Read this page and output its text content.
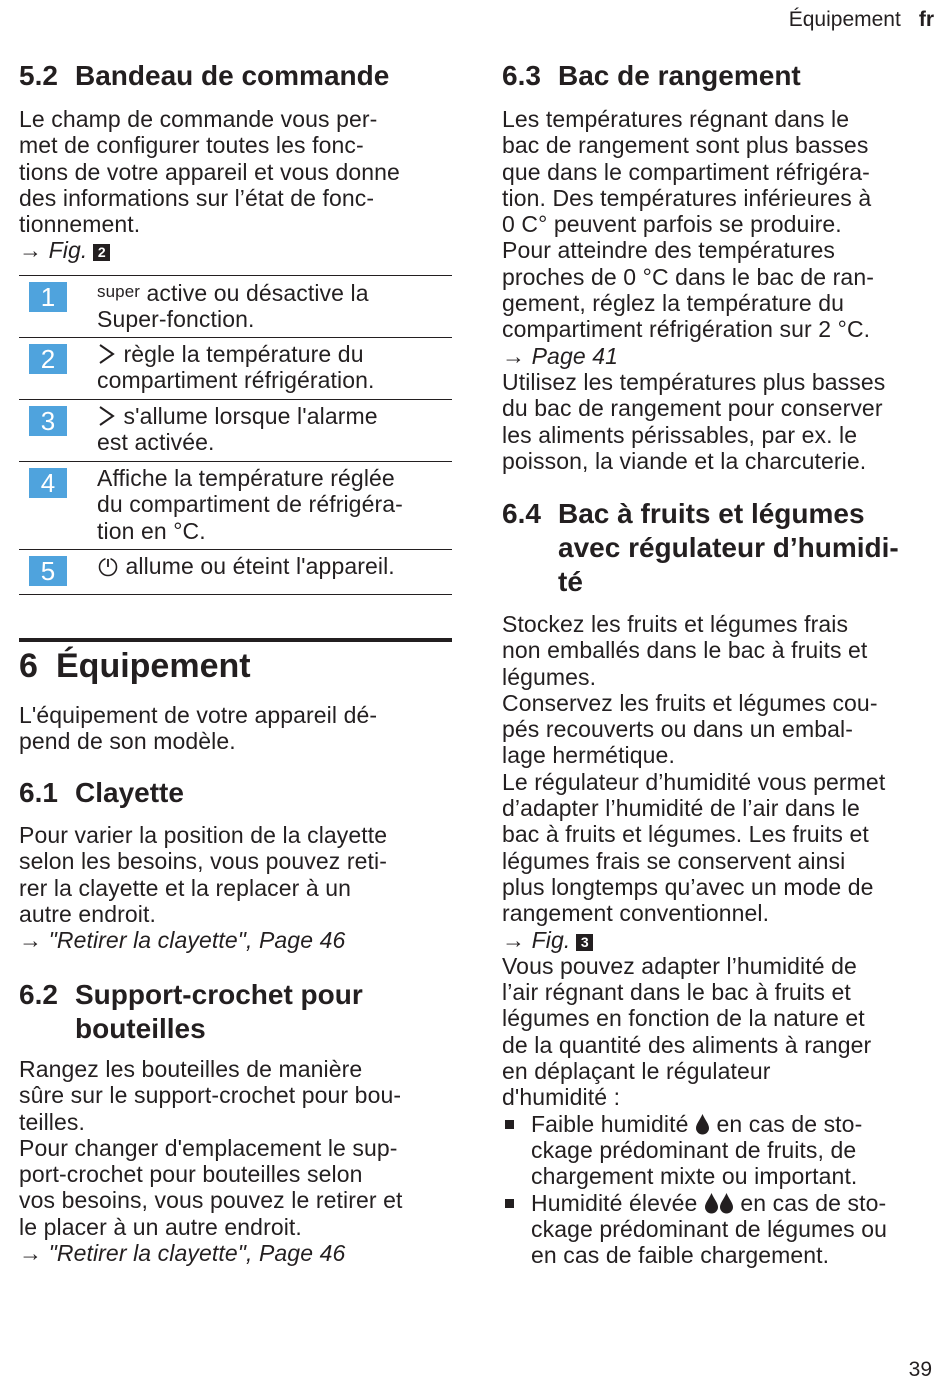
Équipement fr
5.2 Bandeau de commande

Le champ de commande vous per-

met de configurer toutes les fonc-

tions de votre appareil et vous donne

des informations sur l’état de fonc-

tionnement.

→ Fig. 2

1	super active ou désactive la

Super-fonction.

2	règle la température du

compartiment réfrigération.

3	s'allume lorsque l'alarme

est activée.

4	Affiche la température réglée

du compartiment de réfrigéra-

tion en °C.

5	allume ou éteint l'appareil.

6 Équipement

L'équipement de votre appareil dé-

pend de son modèle.

6.1 Clayette

Pour varier la position de la clayette

selon les besoins, vous pouvez reti-

rer la clayette et la replacer à un

autre endroit.

→ "Retirer la clayette", Page 46

6.2 Support-crochet pour
bouteilles

Rangez les bouteilles de manière

sûre sur le support-crochet pour bou-

teilles.

Pour changer d'emplacement le sup-

port-crochet pour bouteilles selon

vos besoins, vous pouvez le retirer et

le placer à un autre endroit.

→ "Retirer la clayette", Page 46

6.3 Bac de rangement

Les températures régnant dans le

bac de rangement sont plus basses

que dans le compartiment réfrigéra-

tion. Des températures inférieures à

0 C° peuvent parfois se produire.

Pour atteindre des températures

proches de 0 °C dans le bac de ran-

gement, réglez la température du

compartiment réfrigération sur 2 °C.

→ Page 41

Utilisez les températures plus basses

du bac de rangement pour conserver

les aliments périssables, par ex. le

poisson, la viande et la charcuterie.

6.4 Bac à fruits et légumes
avec régulateur d’humidi-
té

Stockez les fruits et légumes frais

non emballés dans le bac à fruits et

légumes.

Conservez les fruits et légumes cou-

pés recouverts ou dans un embal-

lage hermétique.

Le régulateur d’humidité vous permet

d’adapter l’humidité de l’air dans le

bac à fruits et légumes. Les fruits et

légumes frais se conservent ainsi

plus longtemps qu’avec un mode de

rangement conventionnel.

→ Fig. 3

Vous pouvez adapter l’humidité de

l’air régnant dans le bac à fruits et

légumes en fonction de la nature et

de la quantité des aliments à ranger

en déplaçant le régulateur

d'humidité :

Faible humidité  en cas de sto-

ckage prédominant de fruits, de

chargement mixte ou important.

Humidité élevée  en cas de sto-

ckage prédominant de légumes ou

en cas de faible chargement.

39
